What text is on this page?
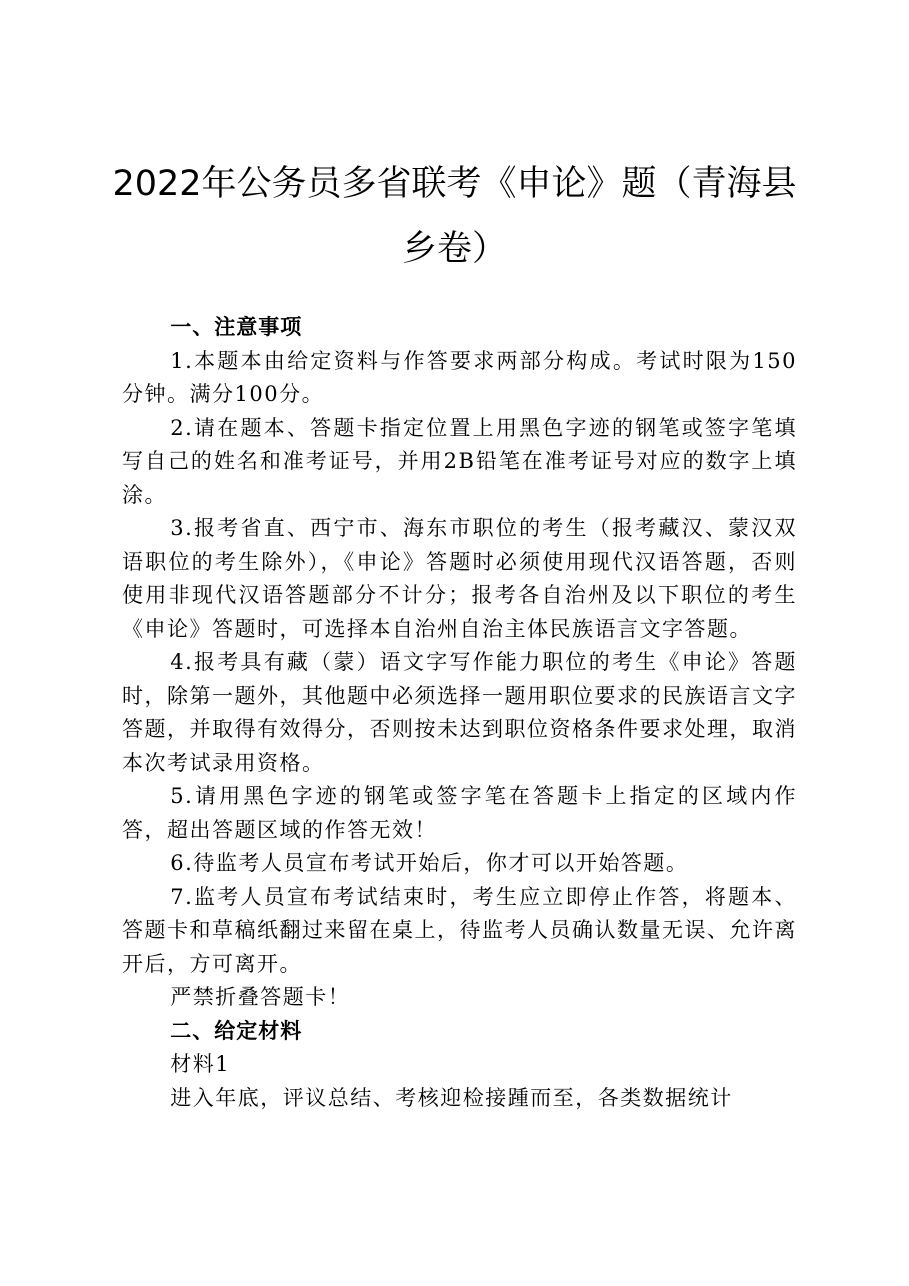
2022年公务员多省联考《申论》题（青海县
乡卷）

一、注意事项

1.本题本由给定资料与作答要求两部分构成。考试时限为150分钟。满分100分。

2.请在题本、答题卡指定位置上用黑色字迹的钢笔或签字笔填写自己的姓名和准考证号，并用2B铅笔在准考证号对应的数字上填涂。

3.报考省直、西宁市、海东市职位的考生（报考藏汉、蒙汉双语职位的考生除外），《申论》答题时必须使用现代汉语答题，否则使用非现代汉语答题部分不计分；报考各自治州及以下职位的考生《申论》答题时，可选择本自治州自治主体民族语言文字答题。

4.报考具有藏（蒙）语文字写作能力职位的考生《申论》答题时，除第一题外，其他题中必须选择一题用职位要求的民族语言文字答题，并取得有效得分，否则按未达到职位资格条件要求处理，取消本次考试录用资格。

5.请用黑色字迹的钢笔或签字笔在答题卡上指定的区域内作答，超出答题区域的作答无效！

6.待监考人员宣布考试开始后，你才可以开始答题。

7.监考人员宣布考试结束时，考生应立即停止作答，将题本、答题卡和草稿纸翻过来留在桌上，待监考人员确认数量无误、允许离开后，方可离开。

严禁折叠答题卡！

二、给定材料

材料1

进入年底，评议总结、考核迎检接踵而至，各类数据统计
